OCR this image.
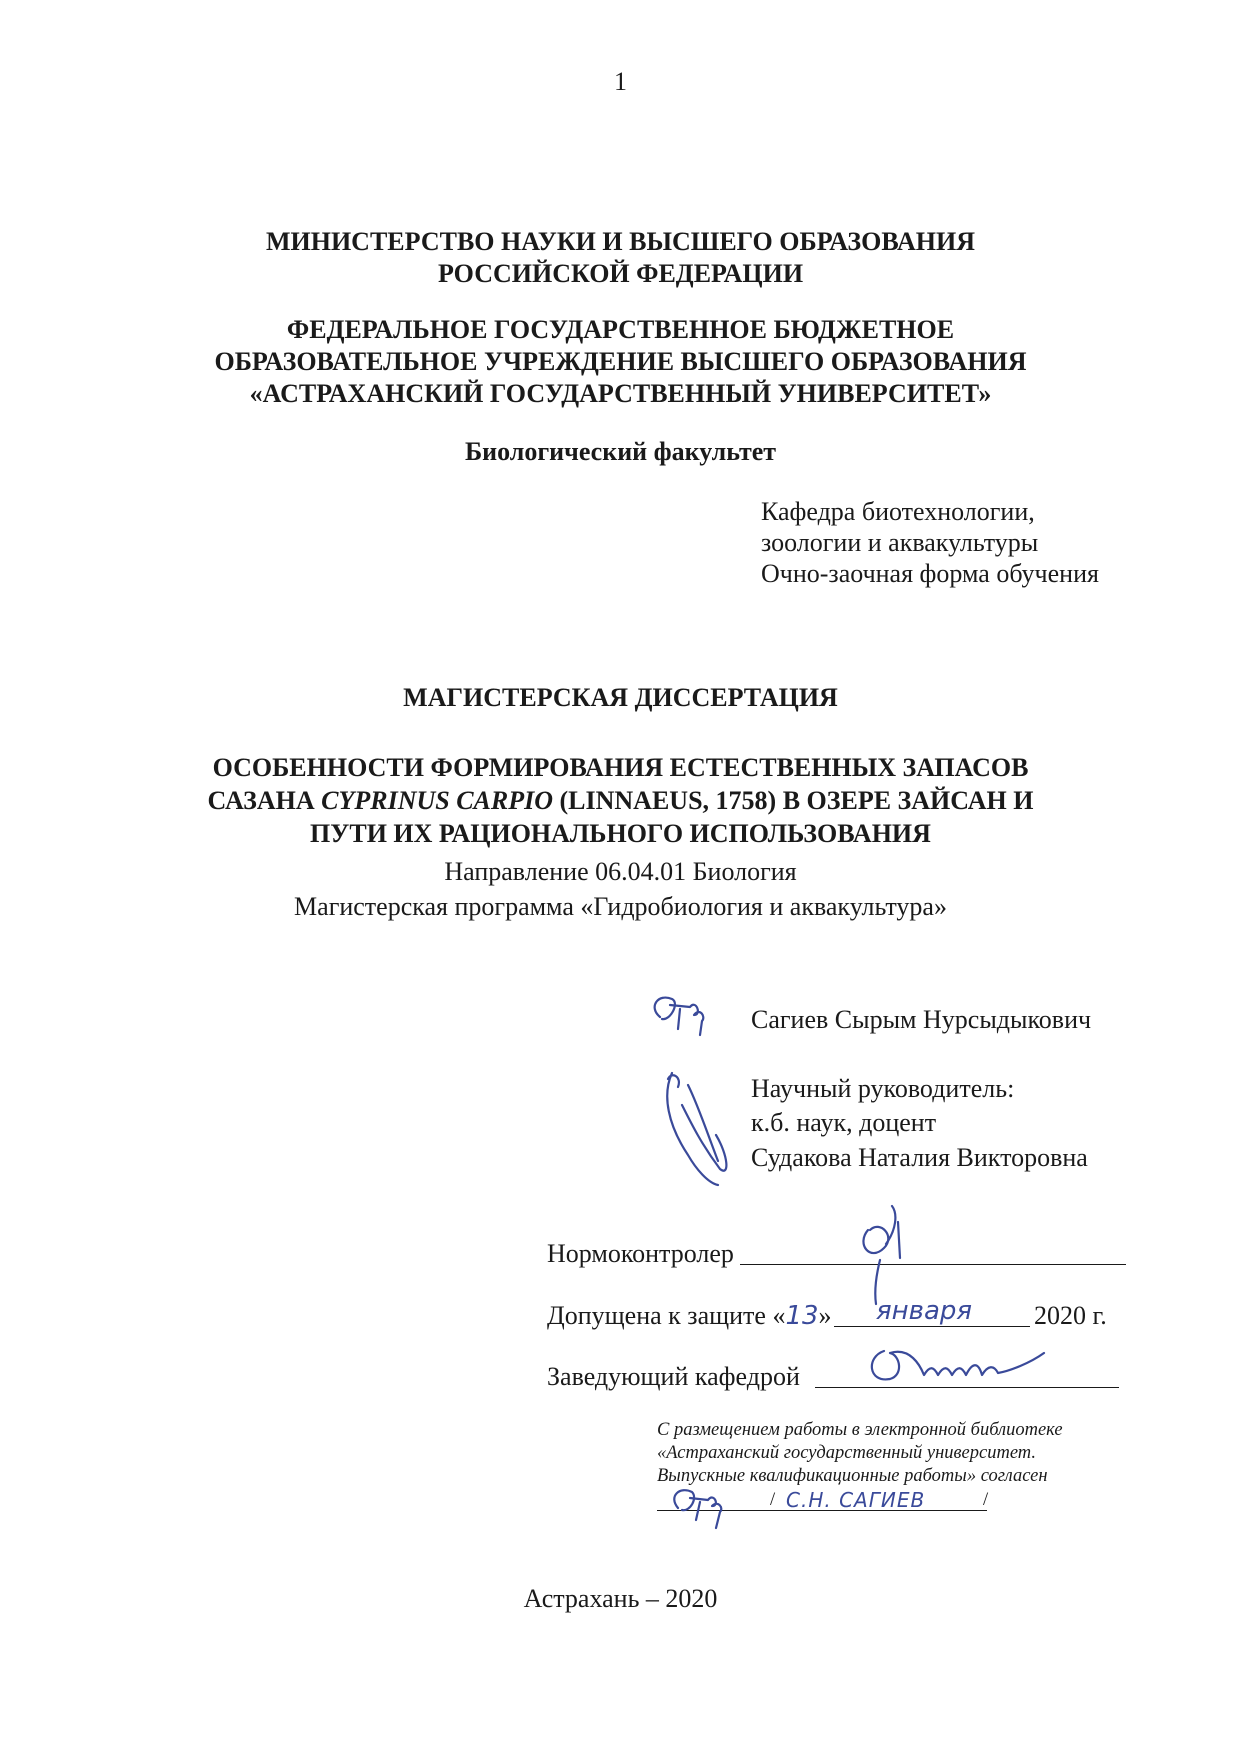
1
МИНИСТЕРСТВО НАУКИ И ВЫСШЕГО ОБРАЗОВАНИЯ
РОССИЙСКОЙ ФЕДЕРАЦИИ
ФЕДЕРАЛЬНОЕ ГОСУДАРСТВЕННОЕ БЮДЖЕТНОЕ
ОБРАЗОВАТЕЛЬНОЕ УЧРЕЖДЕНИЕ ВЫСШЕГО ОБРАЗОВАНИЯ
«АСТРАХАНСКИЙ ГОСУДАРСТВЕННЫЙ УНИВЕРСИТЕТ»
Биологический факультет
Кафедра биотехнологии,
зоологии и аквакультуры
Очно-заочная форма обучения
МАГИСТЕРСКАЯ ДИССЕРТАЦИЯ
ОСОБЕННОСТИ ФОРМИРОВАНИЯ ЕСТЕСТВЕННЫХ ЗАПАСОВ
САЗАНА CYPRINUS CARPIO (LINNAEUS, 1758) В ОЗЕРЕ ЗАЙСАН И
ПУТИ ИХ РАЦИОНАЛЬНОГО ИСПОЛЬЗОВАНИЯ
Направление 06.04.01 Биология
Магистерская программа «Гидробиология и аквакультура»
Сагиев Сырым Нурсыдыкович
Научный руководитель:
к.б. наук, доцент
Судакова Наталия Викторовна
Нормоконтролер
Допущена к защите «13» января 2020 г.
Заведующий кафедрой
С размещением работы в электронной библиотеке
«Астраханский государственный университет.
Выпускные квалификационные работы» согласен
/ С.Н. САГИЕВ	/
Астрахань – 2020
